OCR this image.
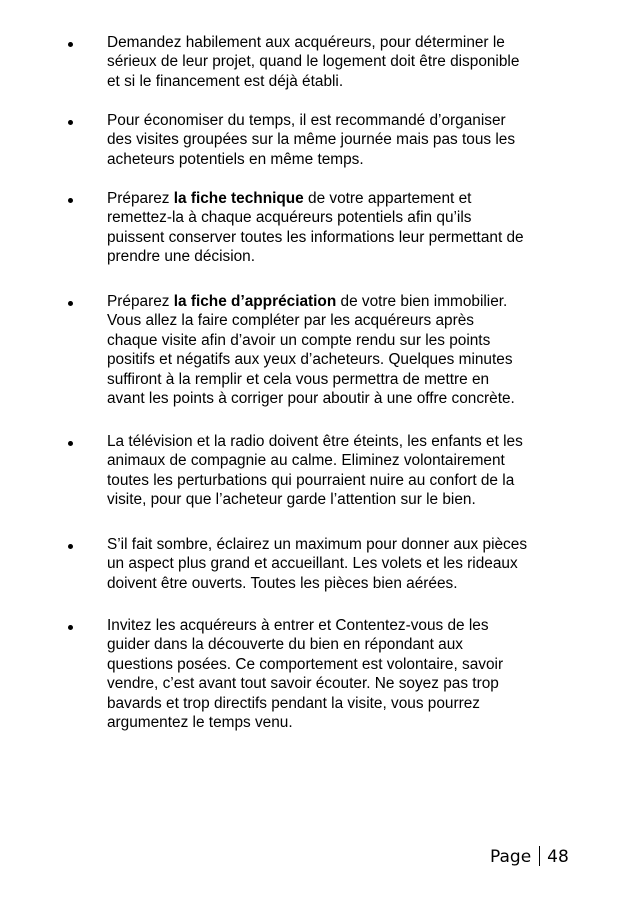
Demandez habilement aux acquéreurs, pour déterminer le
sérieux de leur projet, quand le logement doit être disponible
et si le financement est déjà établi.
Pour économiser du temps, il est recommandé d’organiser
des visites groupées sur la même journée mais pas tous les
acheteurs potentiels en même temps.
Préparez la fiche technique de votre appartement et
remettez-la à chaque acquéreurs potentiels afin qu’ils
puissent conserver toutes les informations leur permettant de
prendre une décision.
Préparez la fiche d’appréciation de votre bien immobilier.
Vous allez la faire compléter par les acquéreurs après
chaque visite afin d’avoir un compte rendu sur les points
positifs et négatifs aux yeux d’acheteurs. Quelques minutes
suffiront à la remplir et cela vous permettra de mettre en
avant les points à corriger pour aboutir à une offre concrète.
La télévision et la radio doivent être éteints, les enfants et les
animaux de compagnie au calme. Eliminez volontairement
toutes les perturbations qui pourraient nuire au confort de la
visite, pour que l’acheteur garde l’attention sur le bien.
S’il fait sombre, éclairez un maximum pour donner aux pièces
un aspect plus grand et accueillant. Les volets et les rideaux
doivent être ouverts. Toutes les pièces bien aérées.
Invitez les acquéreurs à entrer et Contentez-vous de les
guider dans la découverte du bien en répondant aux
questions posées. Ce comportement est volontaire, savoir
vendre, c’est avant tout savoir écouter. Ne soyez pas trop
bavards et trop directifs pendant la visite, vous pourrez
argumentez le temps venu.
Page 48
